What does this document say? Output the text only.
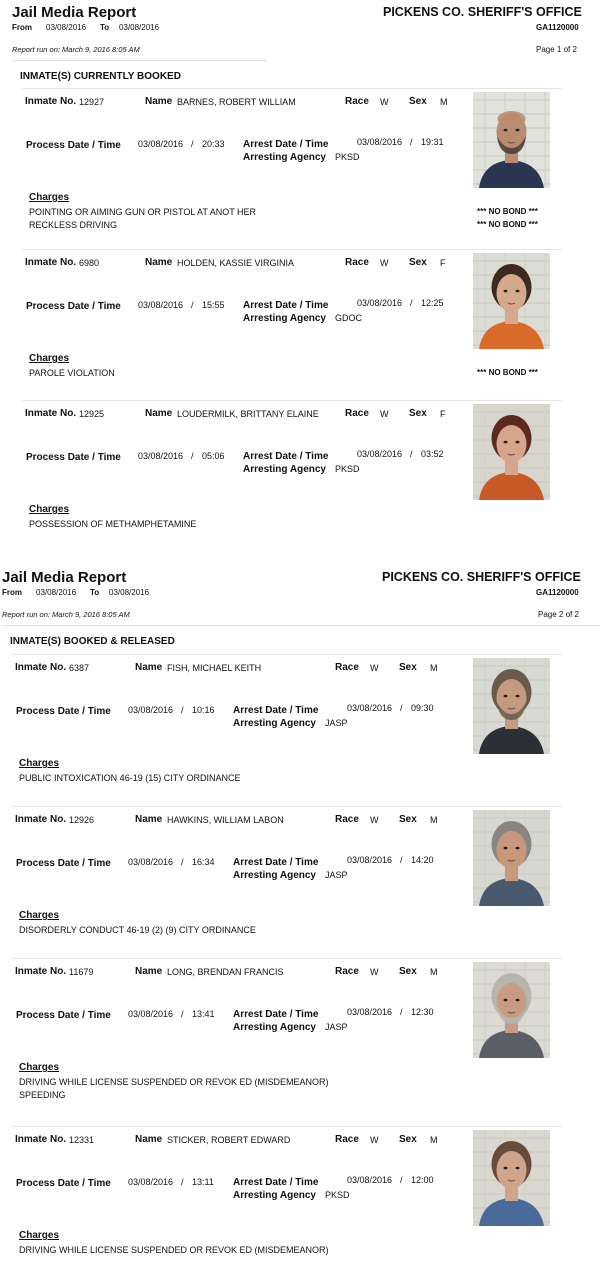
Jail Media Report	PICKENS CO. SHERIFF'S OFFICE
From 03/08/2016 To 03/08/2016	GA1120000
Report run on: March 9, 2016 8:05 AM	Page 1 of 2
INMATE(S) CURRENTLY BOOKED
Jail Media Report	PICKENS CO. SHERIFF'S OFFICE
From 03/08/2016 To 03/08/2016	GA1120000
Report run on: March 9, 2016 8:05 AM	Page 2 of 2
INMATE(S) BOOKED & RELEASED
Inmate No. 12927	Name BARNES, ROBERT WILLIAM	Race W Sex M
Process Date / Time 03/08/2016 / 20:33 Arrest Date / Time	03/08/2016 / 19:31
Arresting Agency PKSD
Charges
POINTING OR AIMING GUN OR PISTOL AT ANOT HER
RECKLESS DRIVING
*** NO BOND ***
*** NO BOND ***
Inmate No. 6980	Name HOLDEN, KASSIE VIRGINIA	Race W Sex F
Process Date / Time 03/08/2016 / 15:55 Arrest Date / Time	03/08/2016 / 12:25
Arresting Agency GDOC
Charges
PAROLE VIOLATION	*** NO BOND ***
Inmate No. 12925	Name LOUDERMILK, BRITTANY ELAINE	Race W Sex F
Process Date / Time 03/08/2016 / 05:06 Arrest Date / Time	03/08/2016 / 03:52
Arresting Agency PKSD
Charges
POSSESSION OF METHAMPHETAMINE
Inmate No. 6387	Name FISH, MICHAEL KEITH	Race W Sex M
Process Date / Time 03/08/2016 / 10:16 Arrest Date / Time	03/08/2016 / 09:30
Arresting Agency JASP
Charges
PUBLIC INTOXICATION 46-19 (15) CITY ORDINANCE
Inmate No. 12926	Name HAWKINS, WILLIAM LABON	Race W Sex M
Process Date / Time 03/08/2016 / 16:34 Arrest Date / Time	03/08/2016 / 14:20
Arresting Agency JASP
Charges
DISORDERLY CONDUCT 46-19 (2) (9) CITY ORDINANCE
Inmate No. 11679	Name LONG, BRENDAN FRANCIS	Race W Sex M
Process Date / Time 03/08/2016 / 13:41 Arrest Date / Time	03/08/2016 / 12:30
Arresting Agency JASP
Charges
DRIVING WHILE LICENSE SUSPENDED OR REVOK ED (MISDEMEANOR)
SPEEDING
Inmate No. 12331	Name STICKER, ROBERT EDWARD	Race W Sex M
Process Date / Time 03/08/2016 / 13:11 Arrest Date / Time	03/08/2016 / 12:00
Arresting Agency PKSD
Charges
DRIVING WHILE LICENSE SUSPENDED OR REVOK ED (MISDEMEANOR)
